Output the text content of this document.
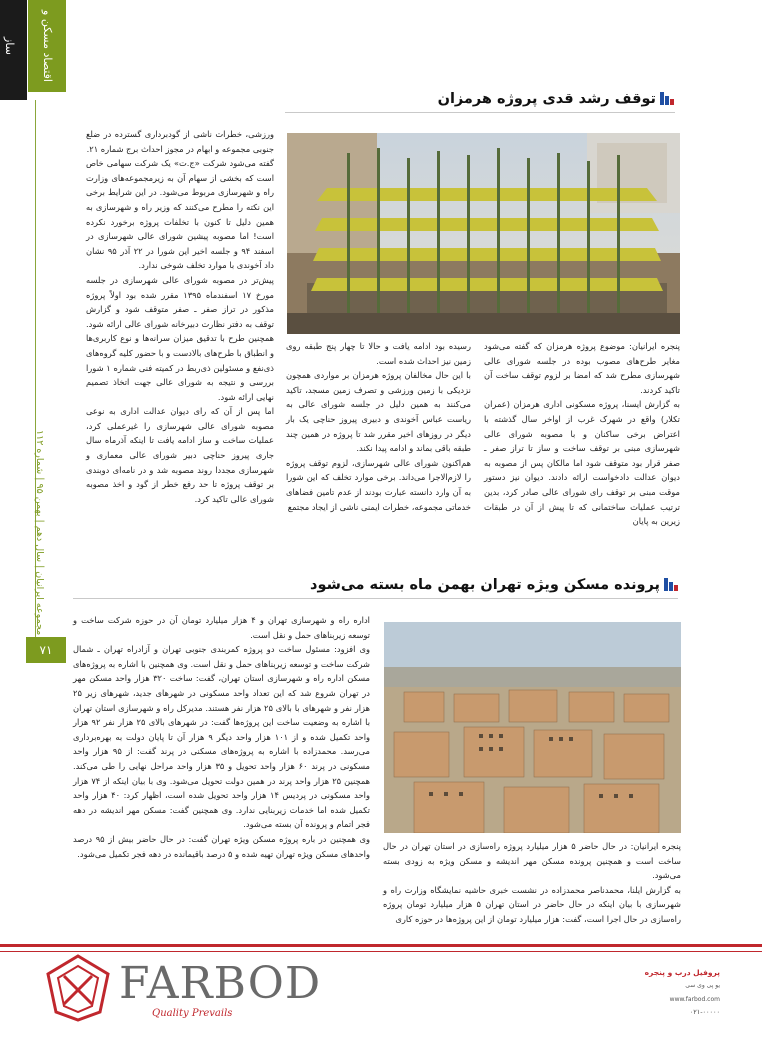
اقتصاد مسکن و ساز
مجموعه ایرانیان | سال دهم | بهمن ۹۵ | شماره ۱۱۲
۷۱
توقف رشد قدی پروژه هرمزان

ورزشی، خطرات ناشی از گودبرداری گسترده در ضلع جنوبی مجموعه و ابهام در مجوز احداث برج شماره ۲۱.

گفته می‌شود شرکت «ج.ت» یک شرکت سهامی خاص است که بخشی از سهام آن به زیرمجموعه‌های وزارت راه و شهرسازی مربوط می‌شود. در این شرایط برخی این نکته را مطرح می‌کنند که وزیر راه و شهرسازی به همین دلیل تا کنون با تخلفات پروژه برخورد نکرده است! اما مصوبه پیشین شورای عالی شهرسازی در اسفند ۹۴ و جلسه اخیر این شورا در ۲۲ آذر ۹۵ نشان داد آخوندی با موارد تخلف شوخی ندارد.

پیش‌تر در مصوبه شورای عالی شهرسازی در جلسه مورخ ۱۷ اسفندماه ۱۳۹۵ مقرر شده بود اولاً پروژه مذکور در تراز صفر ـ صفر متوقف شود و گزارش توقف به دفتر نظارت دبیرخانه شورای عالی ارائه شود. همچنین طرح با تدقیق میزان سرانه‌ها و نوع کاربری‌ها و انطباق با طرح‌های بالادست و با حضور کلیه گروه‌های ذی‌نفع و مسئولین ذی‌ربط در کمیته فنی شماره ۱ شورا بررسی و نتیجه به شورای عالی جهت اتخاذ تصمیم نهایی ارائه شود.

اما پس از آن که رای دیوان عدالت اداری به نوعی مصوبه شورای عالی شهرسازی را غیرعملی کرد، عملیات ساخت و ساز ادامه یافت تا اینکه آذرماه سال جاری پیروز حناچی دبیر شورای عالی معماری و شهرسازی مجددا روند مصوبه شد و در نامه‌ای دوبندی بر توقف پروژه تا حد رفع خطر از گود و اخذ مصوبه شورای عالی تاکید کرد.

رسیده بود ادامه یافت و حالا تا چهار پنج طبقه روی زمین نیز احداث شده است.

با این حال مخالفان پروژه هرمزان بر مواردی همچون نزدیکی با زمین ورزشی و تصرف زمین مسجد، تاکید می‌کنند به همین دلیل در جلسه شورای عالی به ریاست عباس آخوندی و دبیری پیروز حناچی یک بار دیگر در روزهای اخیر مقرر شد تا پروژه در همین چند طبقه باقی بماند و ادامه پیدا نکند.

هم‌اکنون شورای عالی شهرسازی، لزوم توقف پروژه را لازم‌الاجرا می‌داند. برخی موارد تخلف که این شورا به آن وارد دانسته عبارت بودند از عدم تامین فضاهای خدماتی مجموعه، خطرات ایمنی ناشی از ایجاد مجتمع

پنجره ایرانیان: موضوع پروژه هرمزان که گفته می‌شود مغایر طرح‌های مصوب بوده در جلسه شورای عالی شهرسازی مطرح شد که امضا بر لزوم توقف ساخت آن تاکید کردند.

به گزارش ایسنا، پروژه مسکونی اداری هرمزان (عمران تکلار) واقع در شهرک غرب از اواخر سال گذشته با اعتراض برخی ساکنان و با مصوبه شورای عالی شهرسازی مبنی بر توقف ساخت و ساز تا تراز صفر ـ صفر قرار بود متوقف شود اما مالکان پس از مصوبه به دیوان عدالت دادخواست ارائه دادند. دیوان نیز دستور موقت مبنی بر توقف رای شورای عالی صادر کرد، بدین ترتیب عملیات ساختمانی که تا پیش از آن در طبقات زیرین به پایان

پرونده مسکن ویژه تهران بهمن ماه بسته می‌شود

پنجره ایرانیان: در حال حاضر ۵ هزار میلیارد پروژه راه‌سازی در استان تهران در حال ساخت است و همچنین پرونده مسکن مهر اندیشه و مسکن ویژه به زودی بسته می‌شود.

به گزارش ایلنا، محمدناصر محمدزاده در نشست خبری حاشیه نمایشگاه وزارت راه و شهرسازی با بیان اینکه در حال حاضر در استان تهران ۵ هزار میلیارد تومان پروژه راه‌سازی در حال اجرا است، گفت: هزار میلیارد تومان از این پروژه‌ها در حوزه کاری

اداره راه و شهرسازی تهران و ۴ هزار میلیارد تومان آن در حوزه شرکت ساخت و توسعه زیربناهای حمل و نقل است.

وی افزود: مسئول ساخت دو پروژه کمربندی جنوبی تهران و آزادراه تهران ـ شمال شرکت ساخت و توسعه زیربناهای حمل و نقل است. وی همچنین با اشاره به پروژه‌های مسکن اداره راه و شهرسازی استان تهران، گفت: ساخت ۳۲۰ هزار واحد مسکن مهر در تهران شروع شد که این تعداد واحد مسکونی در شهرهای جدید، شهرهای زیر ۲۵ هزار نفر و شهرهای با بالای ۲۵ هزار نفر هستند. مدیرکل راه و شهرسازی استان تهران با اشاره به وضعیت ساخت این پروژه‌ها گفت: در شهرهای بالای ۲۵ هزار نفر ۹۲ هزار واحد تکمیل شده و از ۱۰۱ هزار واحد دیگر ۹ هزار آن تا پایان دولت به بهره‌برداری می‌رسد. محمدزاده با اشاره به پروژه‌های مسکنی در پرند گفت: از ۹۵ هزار واحد مسکونی در پرند ۶۰ هزار واحد تحویل و ۳۵ هزار واحد مراحل نهایی را طی می‌کند. همچنین ۲۵ هزار واحد پرند در همین دولت تحویل می‌شود. وی با بیان اینکه از ۷۴ هزار واحد مسکونی در پردیس ۱۴ هزار واحد تحویل شده است، اظهار کرد: ۴۰ هزار واحد تکمیل شده اما خدمات زیربنایی ندارد. وی همچنین گفت: مسکن مهر اندیشه در دهه فجر اتمام و پرونده آن بسته می‌شود.

وی همچنین در باره پروژه مسکن ویژه تهران گفت: در حال حاضر بیش از ۹۵ درصد واحدهای مسکن ویژه تهران تهیه شده و ۵ درصد باقیمانده در دهه فجر تکمیل می‌شود.

FARBOD
Quality Prevails
پروفیل درب و پنجره
یو پی وی سی
www.farbod.com
۰۲۱-۰۰۰۰۰
